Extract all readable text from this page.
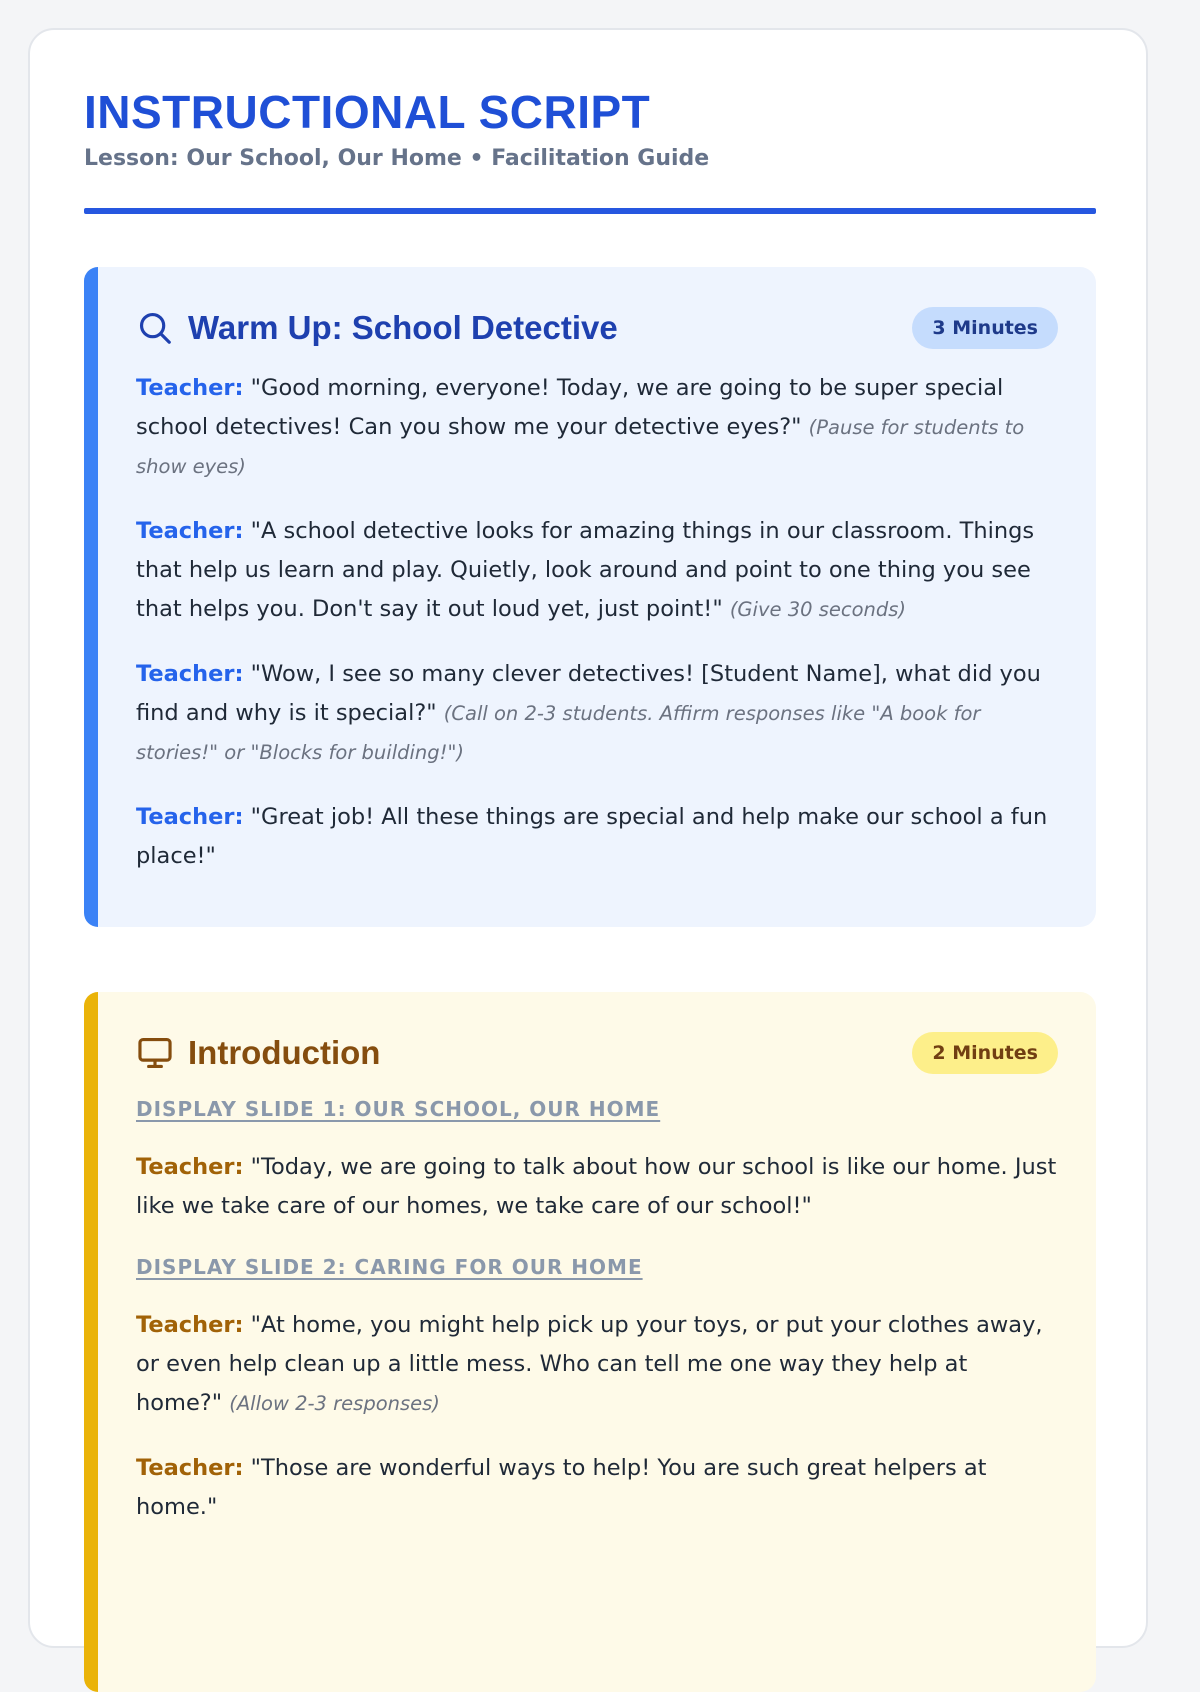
INSTRUCTIONAL SCRIPT
Lesson: Our School, Our Home • Facilitation Guide
Warm Up: School Detective	3 Minutes

Teacher: "Good morning, everyone! Today, we are going to be super special school detectives! Can you show me your detective eyes?" (Pause for students to show eyes)

Teacher: "A school detective looks for amazing things in our classroom. Things that help us learn and play. Quietly, look around and point to one thing you see that helps you. Don't say it out loud yet, just point!" (Give 30 seconds)

Teacher: "Wow, I see so many clever detectives! [Student Name], what did you find and why is it special?" (Call on 2-3 students. Affirm responses like "A book for stories!" or "Blocks for building!")

Teacher: "Great job! All these things are special and help make our school a fun place!"

Introduction	2 Minutes
DISPLAY SLIDE 1: OUR SCHOOL, OUR HOME

Teacher: "Today, we are going to talk about how our school is like our home. Just like we take care of our homes, we take care of our school!"

DISPLAY SLIDE 2: CARING FOR OUR HOME

Teacher: "At home, you might help pick up your toys, or put your clothes away, or even help clean up a little mess. Who can tell me one way they help at home?" (Allow 2-3 responses)

Teacher: "Those are wonderful ways to help! You are such great helpers at home."
